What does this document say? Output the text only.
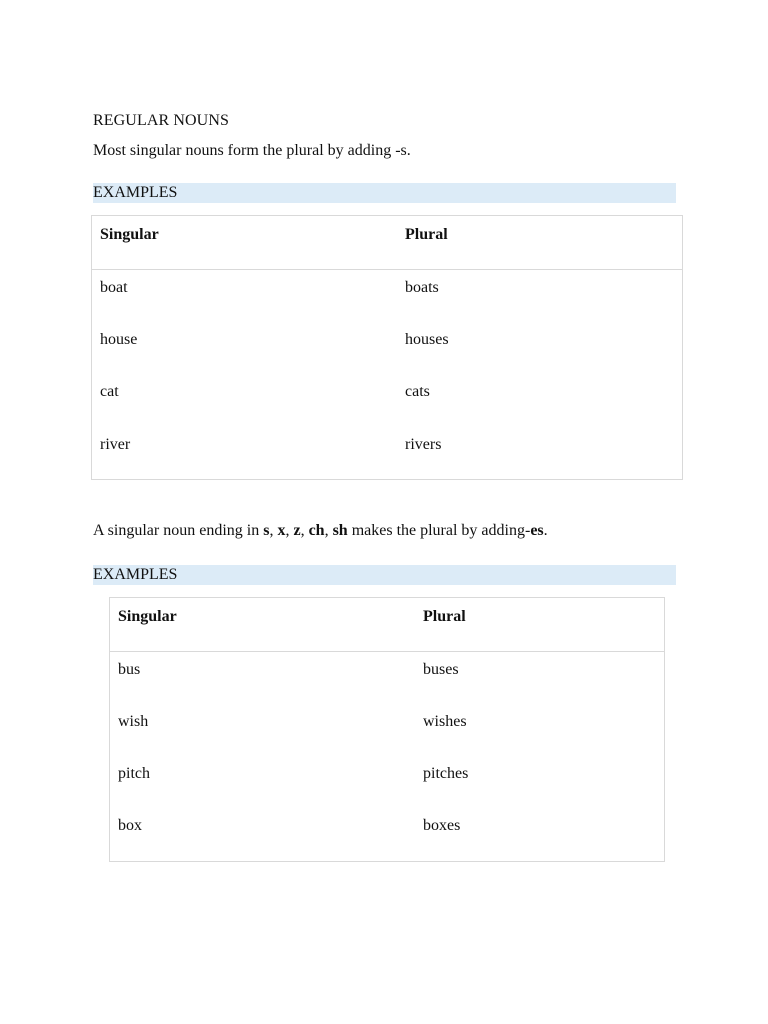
REGULAR NOUNS
Most singular nouns form the plural by adding -s.
EXAMPLES
Singular	Plural
boat	boats
house	houses
cat	cats
river	rivers
A singular noun ending in s, x, z, ch, sh makes the plural by adding-es.
EXAMPLES
Singular	Plural
bus	buses
wish	wishes
pitch	pitches
box	boxes
